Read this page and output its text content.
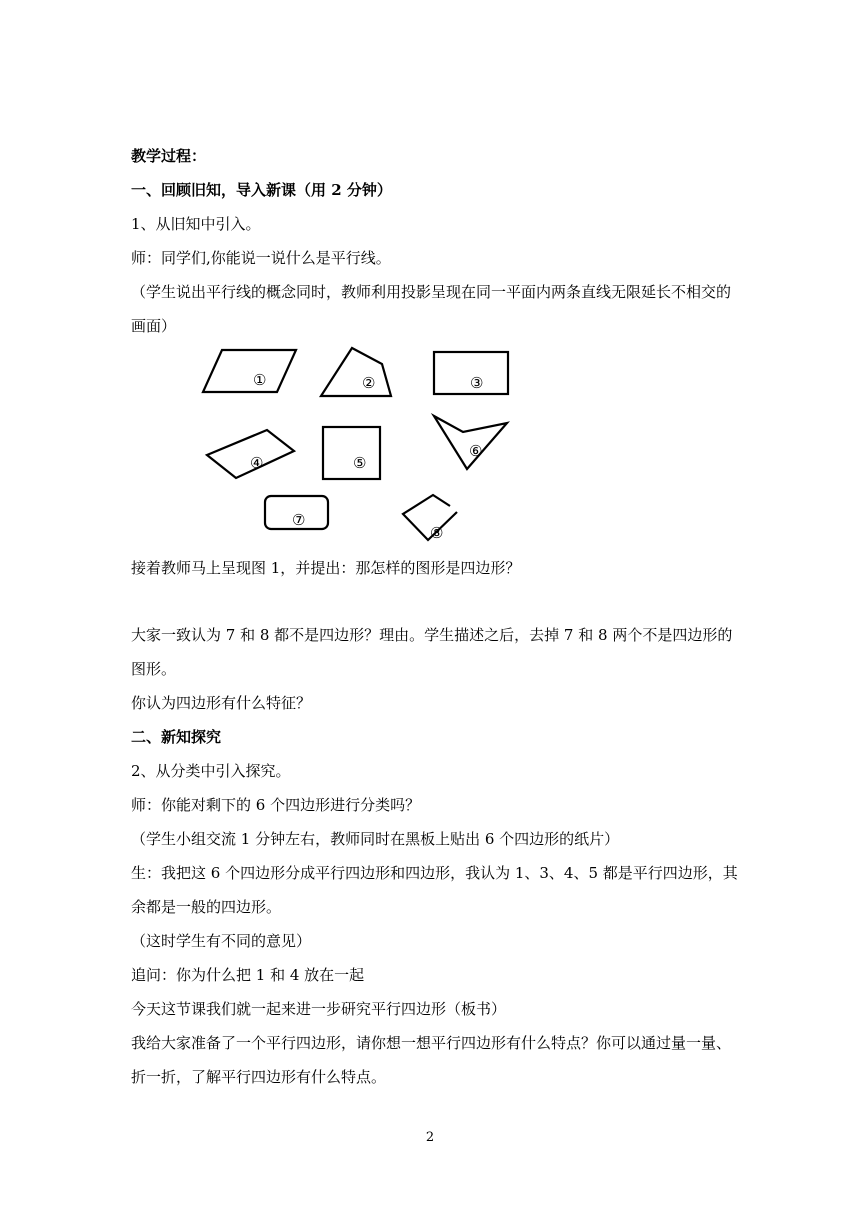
教学过程：
一、回顾旧知，导入新课（用 2 分钟）
1、从旧知中引入。
师：同学们,你能说一说什么是平行线。
（学生说出平行线的概念同时，教师利用投影呈现在同一平面内两条直线无限延长不相交的
画面）
①	②	③
④	⑤
⑥
⑦
⑧
接着教师马上呈现图 1，并提出：那怎样的图形是四边形？
大家一致认为 7 和 8 都不是四边形？理由。学生描述之后，去掉 7 和 8 两个不是四边形的
图形。
你认为四边形有什么特征？
二、新知探究
2、从分类中引入探究。
师：你能对剩下的 6 个四边形进行分类吗？
（学生小组交流 1 分钟左右，教师同时在黑板上贴出 6 个四边形的纸片）
生：我把这 6 个四边形分成平行四边形和四边形，我认为 1、3、4、5 都是平行四边形，其
余都是一般的四边形。
（这时学生有不同的意见）
追问：你为什么把 1 和 4 放在一起
今天这节课我们就一起来进一步研究平行四边形（板书）
我给大家准备了一个平行四边形，请你想一想平行四边形有什么特点？你可以通过量一量、
折一折，了解平行四边形有什么特点。
2
